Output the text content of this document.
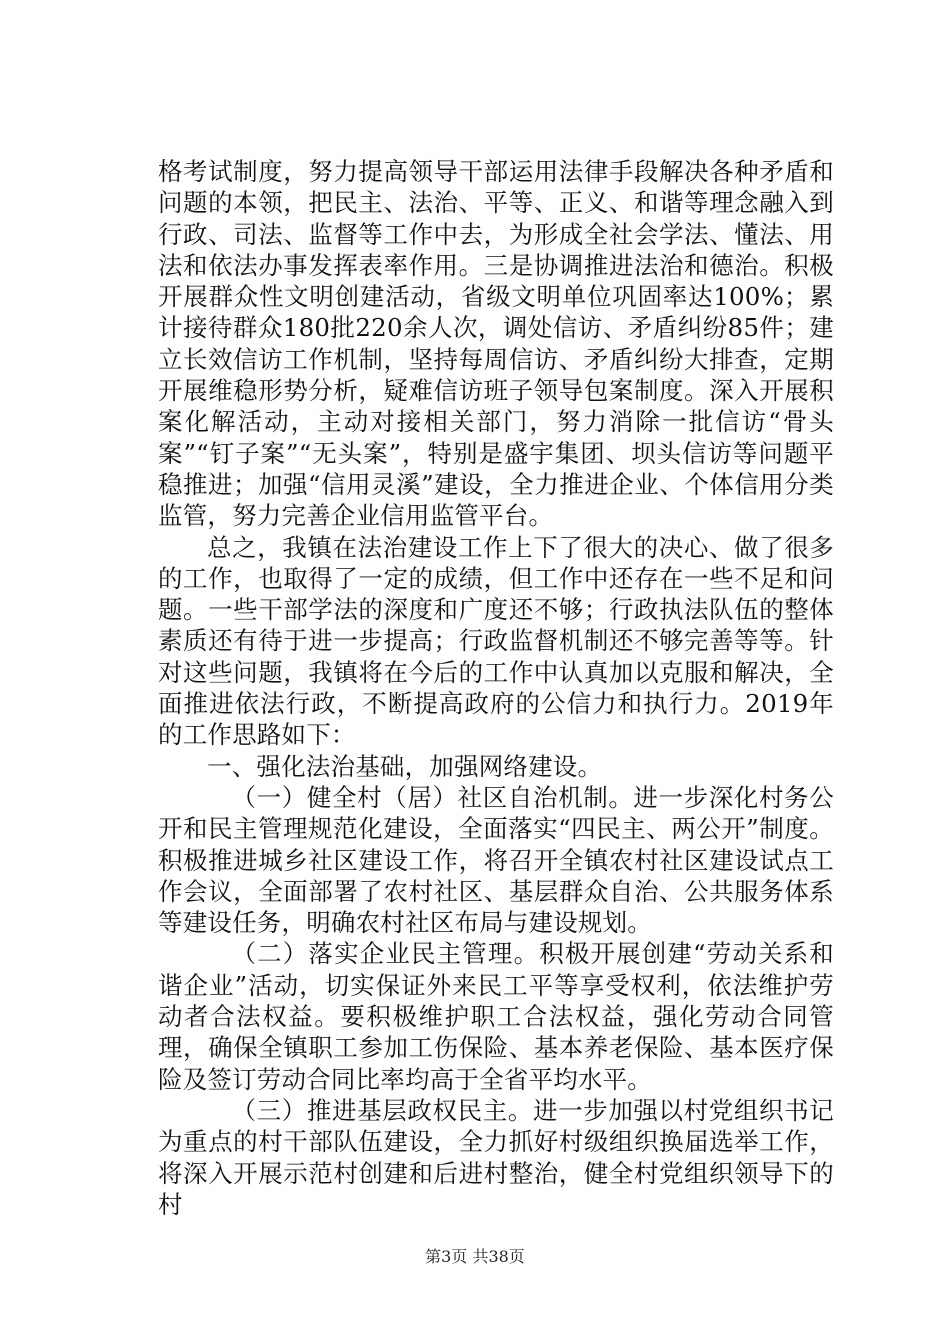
格考试制度，努力提高领导干部运用法律手段解决各种矛盾和问题的本领，把民主、法治、平等、正义、和谐等理念融入到行政、司法、监督等工作中去，为形成全社会学法、懂法、用法和依法办事发挥表率作用。三是协调推进法治和德治。积极开展群众性文明创建活动，省级文明单位巩固率达100%；累计接待群众180批220余人次，调处信访、矛盾纠纷85件；建立长效信访工作机制，坚持每周信访、矛盾纠纷大排查，定期开展维稳形势分析，疑难信访班子领导包案制度。深入开展积案化解活动，主动对接相关部门，努力消除一批信访“骨头案”“钉子案”“无头案”，特别是盛宇集团、坝头信访等问题平稳推进；加强“信用灵溪”建设，全力推进企业、个体信用分类监管，努力完善企业信用监管平台。

总之，我镇在法治建设工作上下了很大的决心、做了很多的工作，也取得了一定的成绩，但工作中还存在一些不足和问题。一些干部学法的深度和广度还不够；行政执法队伍的整体素质还有待于进一步提高；行政监督机制还不够完善等等。针对这些问题，我镇将在今后的工作中认真加以克服和解决，全面推进依法行政，不断提高政府的公信力和执行力。2019年的工作思路如下：

一、强化法治基础，加强网络建设。

（一）健全村（居）社区自治机制。进一步深化村务公开和民主管理规范化建设，全面落实“四民主、两公开”制度。积极推进城乡社区建设工作，将召开全镇农村社区建设试点工作会议，全面部署了农村社区、基层群众自治、公共服务体系等建设任务，明确农村社区布局与建设规划。

（二）落实企业民主管理。积极开展创建“劳动关系和谐企业”活动，切实保证外来民工平等享受权利，依法维护劳动者合法权益。要积极维护职工合法权益，强化劳动合同管理，确保全镇职工参加工伤保险、基本养老保险、基本医疗保险及签订劳动合同比率均高于全省平均水平。

（三）推进基层政权民主。进一步加强以村党组织书记为重点的村干部队伍建设，全力抓好村级组织换届选举工作，将深入开展示范村创建和后进村整治，健全村党组织领导下的村

第3页 共38页
